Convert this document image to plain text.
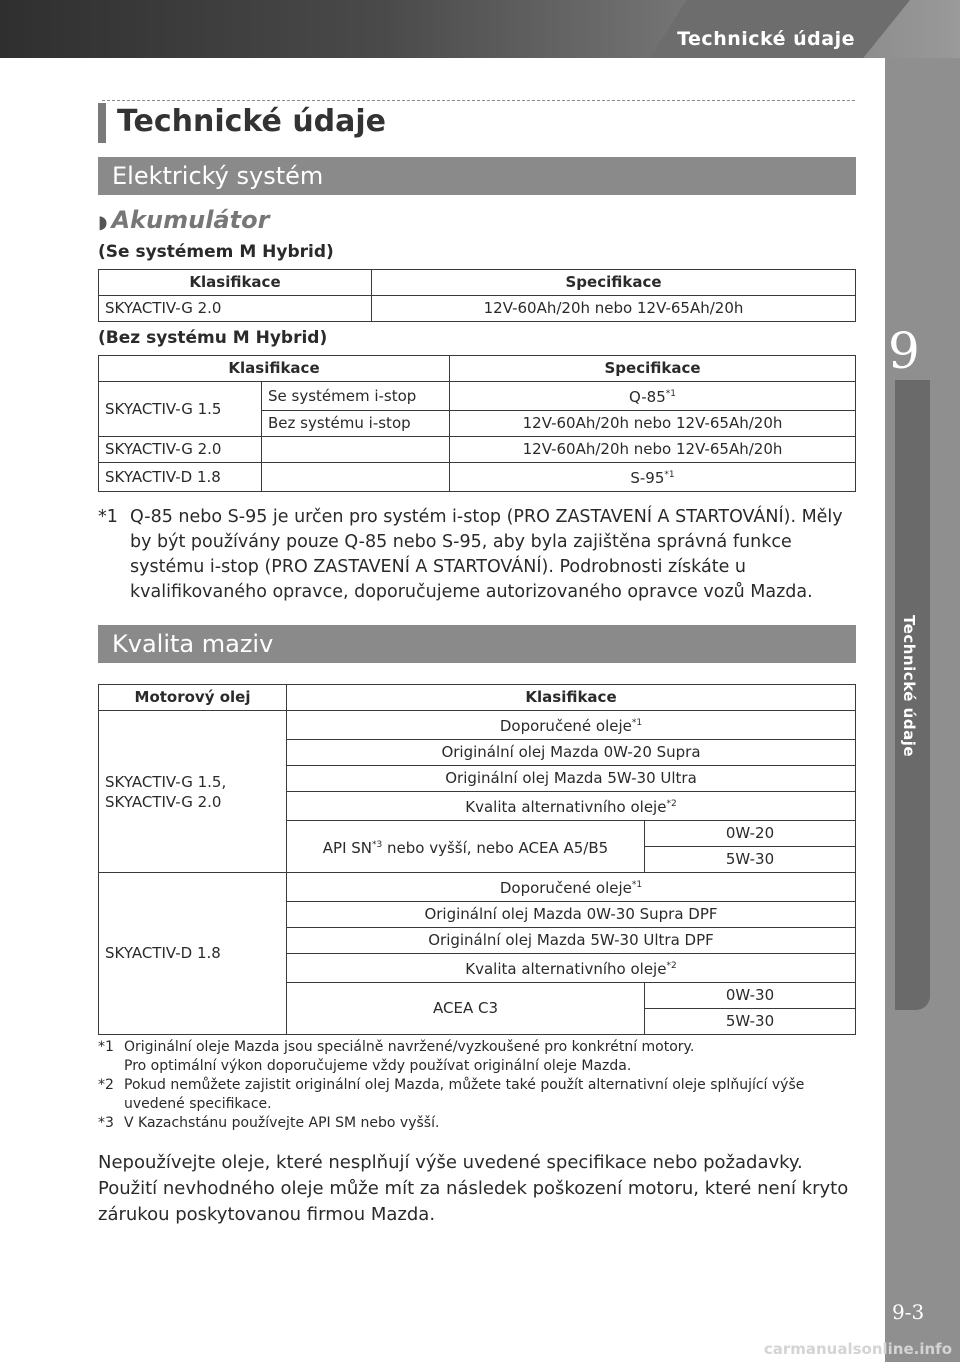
Technické údaje
9
Technické údaje
9-3
carmanualsonline.info
Technické údaje
Elektrický systém
◗ Akumulátor
(Se systémem M Hybrid)
Klasifikace	Specifikace
SKYACTIV-G 2.0	12V-60Ah/20h nebo 12V-65Ah/20h
(Bez systému M Hybrid)
Klasifikace		Specifikace
SKYACTIV-G 1.5	Se systémem i-stop	Q-85$^{*1}$
	Bez systému i-stop	12V-60Ah/20h nebo 12V-65Ah/20h
SKYACTIV-G 2.0		12V-60Ah/20h nebo 12V-65Ah/20h
SKYACTIV-D 1.8		S-95$^{*1}$
*1 Q-85 nebo S-95 je určen pro systém i-stop (PRO ZASTAVENÍ A STARTOVÁNÍ). Měly by být používány pouze Q-85 nebo S-95, aby byla zajištěna správná funkce systému i-stop (PRO ZASTAVENÍ A STARTOVÁNÍ). Podrobnosti získáte u kvalifikovaného opravce, doporučujeme autorizovaného opravce vozů Mazda.
Kvalita maziv
Motorový olej	Klasifikace	
SKYACTIV-G 1.5,
SKYACTIV-G 2.0	Doporučené oleje$^{*1}$
	Originální olej Mazda 0W-20 Supra	
	Originální olej Mazda 5W-30 Ultra	
	Kvalita alternativního oleje$^{*2}$
	API SN$^{*3}$ nebo vyšší, nebo ACEA A5/B5	0W-20
		5W-30
SKYACTIV-D 1.8	Doporučené oleje$^{*1}$
	Originální olej Mazda 0W-30 Supra DPF	
	Originální olej Mazda 5W-30 Ultra DPF	
	Kvalita alternativního oleje$^{*2}$
	ACEA C3	0W-30
		5W-30
*1 Originální oleje Mazda jsou speciálně navržené/vyzkoušené pro konkrétní motory.
Pro optimální výkon doporučujeme vždy používat originální oleje Mazda.
*2 Pokud nemůžete zajistit originální olej Mazda, můžete také použít alternativní oleje splňující výše uvedené specifikace.
*3 V Kazachstánu používejte API SM nebo vyšší.
Nepoužívejte oleje, které nesplňují výše uvedené specifikace nebo požadavky. Použití nevhodného oleje může mít za následek poškození motoru, které není kryto zárukou poskytovanou firmou Mazda.
